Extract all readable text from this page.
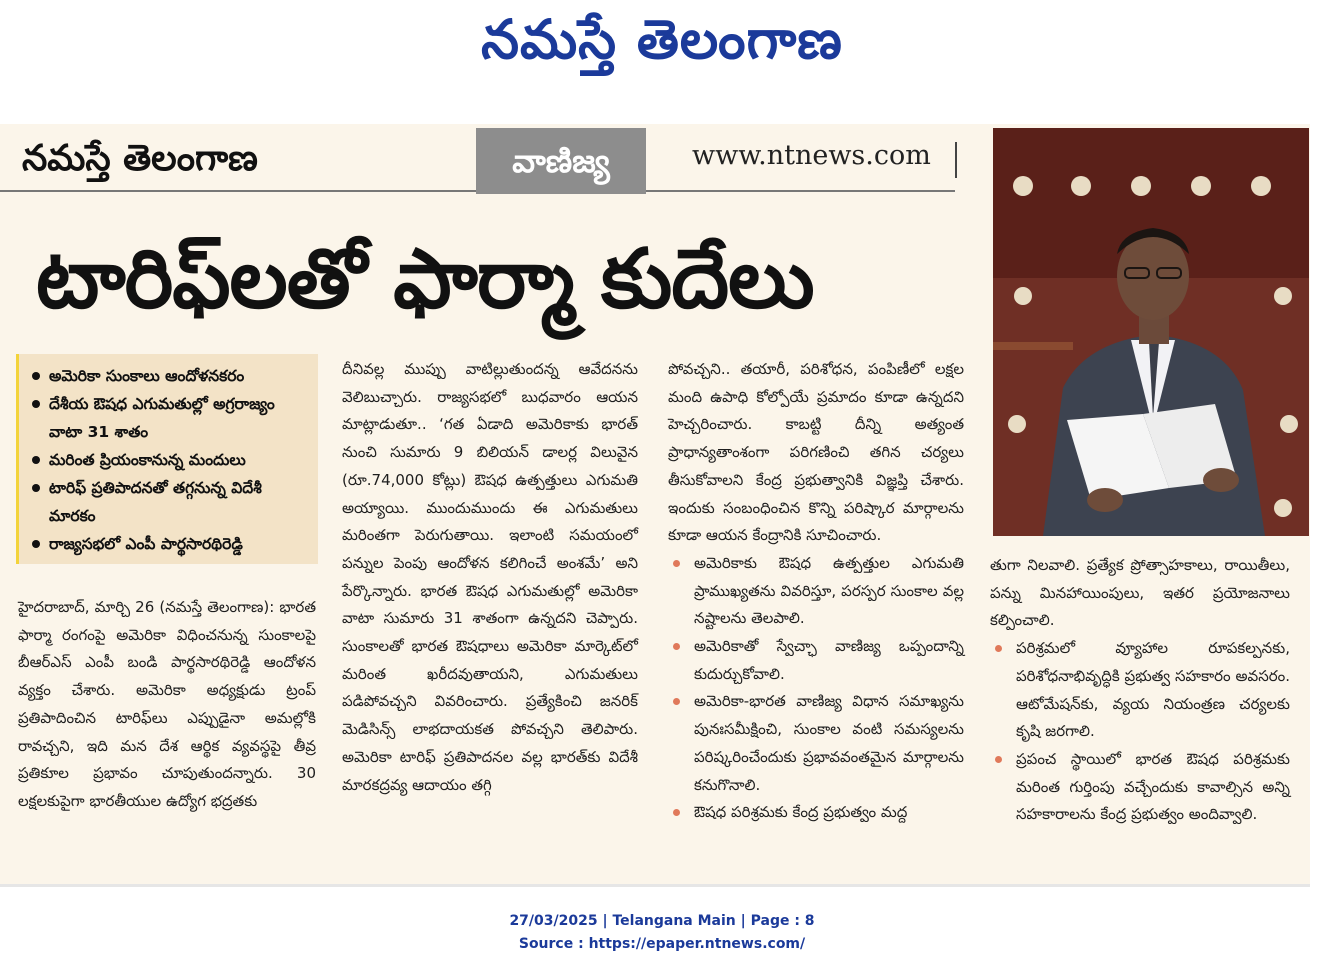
నమస్తే తెలంగాణ
నమస్తే తెలంగాణ	వాణిజ్య	www.ntnews.com
టారిఫ్‌లతో ఫార్మా కుదేలు
అమెరికా సుంకాలు ఆందోళనకరం
దేశీయ ఔషధ ఎగుమతుల్లో అగ్రరాజ్యం వాటా 31 శాతం
మరింత ప్రియంకానున్న మందులు
టారిఫ్ ప్రతిపాదనతో తగ్గనున్న విదేశీ మారకం
రాజ్యసభలో ఎంపీ పార్థసారథిరెడ్డి
హైదరాబాద్, మార్చి 26 (నమస్తే తెలంగాణ): భారత ఫార్మా రంగంపై అమెరికా విధించనున్న సుంకాలపై బీఆర్ఎస్ ఎంపీ బండి పార్థసారథిరెడ్డి ఆందోళన వ్యక్తం చేశారు. అమెరికా అధ్యక్షుడు ట్రంప్ ప్రతిపాదించిన టారిఫ్‌లు ఎప్పుడైనా అమల్లోకి రావచ్చని, ఇది మన దేశ ఆర్థిక వ్యవస్థపై తీవ్ర ప్రతికూల ప్రభావం చూపుతుందన్నారు. 30 లక్షలకుపైగా భారతీయుల ఉద్యోగ భద్రతకు
దీనివల్ల ముప్పు వాటిల్లుతుందన్న ఆవేదనను వెలిబుచ్చారు. రాజ్యసభలో బుధవారం ఆయన మాట్లాడుతూ.. ‘గత ఏడాది అమెరికాకు భారత్ నుంచి సుమారు 9 బిలియన్ డాలర్ల విలువైన (రూ.74,000 కోట్లు) ఔషధ ఉత్పత్తులు ఎగుమతి అయ్యాయి. ముందుముందు ఈ ఎగుమతులు మరింతగా పెరుగుతాయి. ఇలాంటి సమయంలో పన్నుల పెంపు ఆందోళన కలిగించే అంశమే’ అని పేర్కొన్నారు. భారత ఔషధ ఎగుమతుల్లో అమెరికా వాటా సుమారు 31 శాతంగా ఉన్నదని చెప్పారు. సుంకాలతో భారత ఔషధాలు అమెరికా మార్కెట్‌లో మరింత ఖరీదవుతాయని, ఎగుమతులు పడిపోవచ్చని వివరించారు. ప్రత్యేకించి జనరిక్ మెడిసిన్స్ లాభదాయకత పోవచ్చని తెలిపారు. అమెరికా టారిఫ్ ప్రతిపాదనల వల్ల భారత్‌కు విదేశీ మారకద్రవ్య ఆదాయం తగ్గి
పోవచ్చని.. తయారీ, పరిశోధన, పంపిణీలో లక్షల మంది ఉపాధి కోల్పోయే ప్రమాదం కూడా ఉన్నదని హెచ్చరించారు. కాబట్టి దీన్ని అత్యంత ప్రాధాన్యతాంశంగా పరిగణించి తగిన చర్యలు తీసుకోవాలని కేంద్ర ప్రభుత్వానికి విజ్ఞప్తి చేశారు. ఇందుకు సంబంధించిన కొన్ని పరిష్కార మార్గాలను కూడా ఆయన కేంద్రానికి సూచించారు.
అమెరికాకు ఔషధ ఉత్పత్తుల ఎగుమతి ప్రాముఖ్యతను వివరిస్తూ, పరస్పర సుంకాల వల్ల నష్టాలను తెలపాలి.
అమెరికాతో స్వేచ్ఛా వాణిజ్య ఒప్పందాన్ని కుదుర్చుకోవాలి.
అమెరికా-భారత వాణిజ్య విధాన సమాఖ్యను పునఃసమీక్షించి, సుంకాల వంటి సమస్యలను పరిష్కరించేందుకు ప్రభావవంతమైన మార్గాలను కనుగొనాలి.
ఔషధ పరిశ్రమకు కేంద్ర ప్రభుత్వం మద్ద
తుగా నిలవాలి. ప్రత్యేక ప్రోత్సాహకాలు, రాయితీలు, పన్ను మినహాయింపులు, ఇతర ప్రయోజనాలు కల్పించాలి.
పరిశ్రమలో వ్యూహాల రూపకల్పనకు, పరిశోధనాభివృద్ధికి ప్రభుత్వ సహకారం అవసరం. ఆటోమేషన్‌కు, వ్యయ నియంత్రణ చర్యలకు కృషి జరగాలి.
ప్రపంచ స్థాయిలో భారత ఔషధ పరిశ్రమకు మరింత గుర్తింపు వచ్చేందుకు కావాల్సిన అన్ని సహకారాలను కేంద్ర ప్రభుత్వం అందివ్వాలి.
27/03/2025 | Telangana Main | Page : 8
Source : https://epaper.ntnews.com/
